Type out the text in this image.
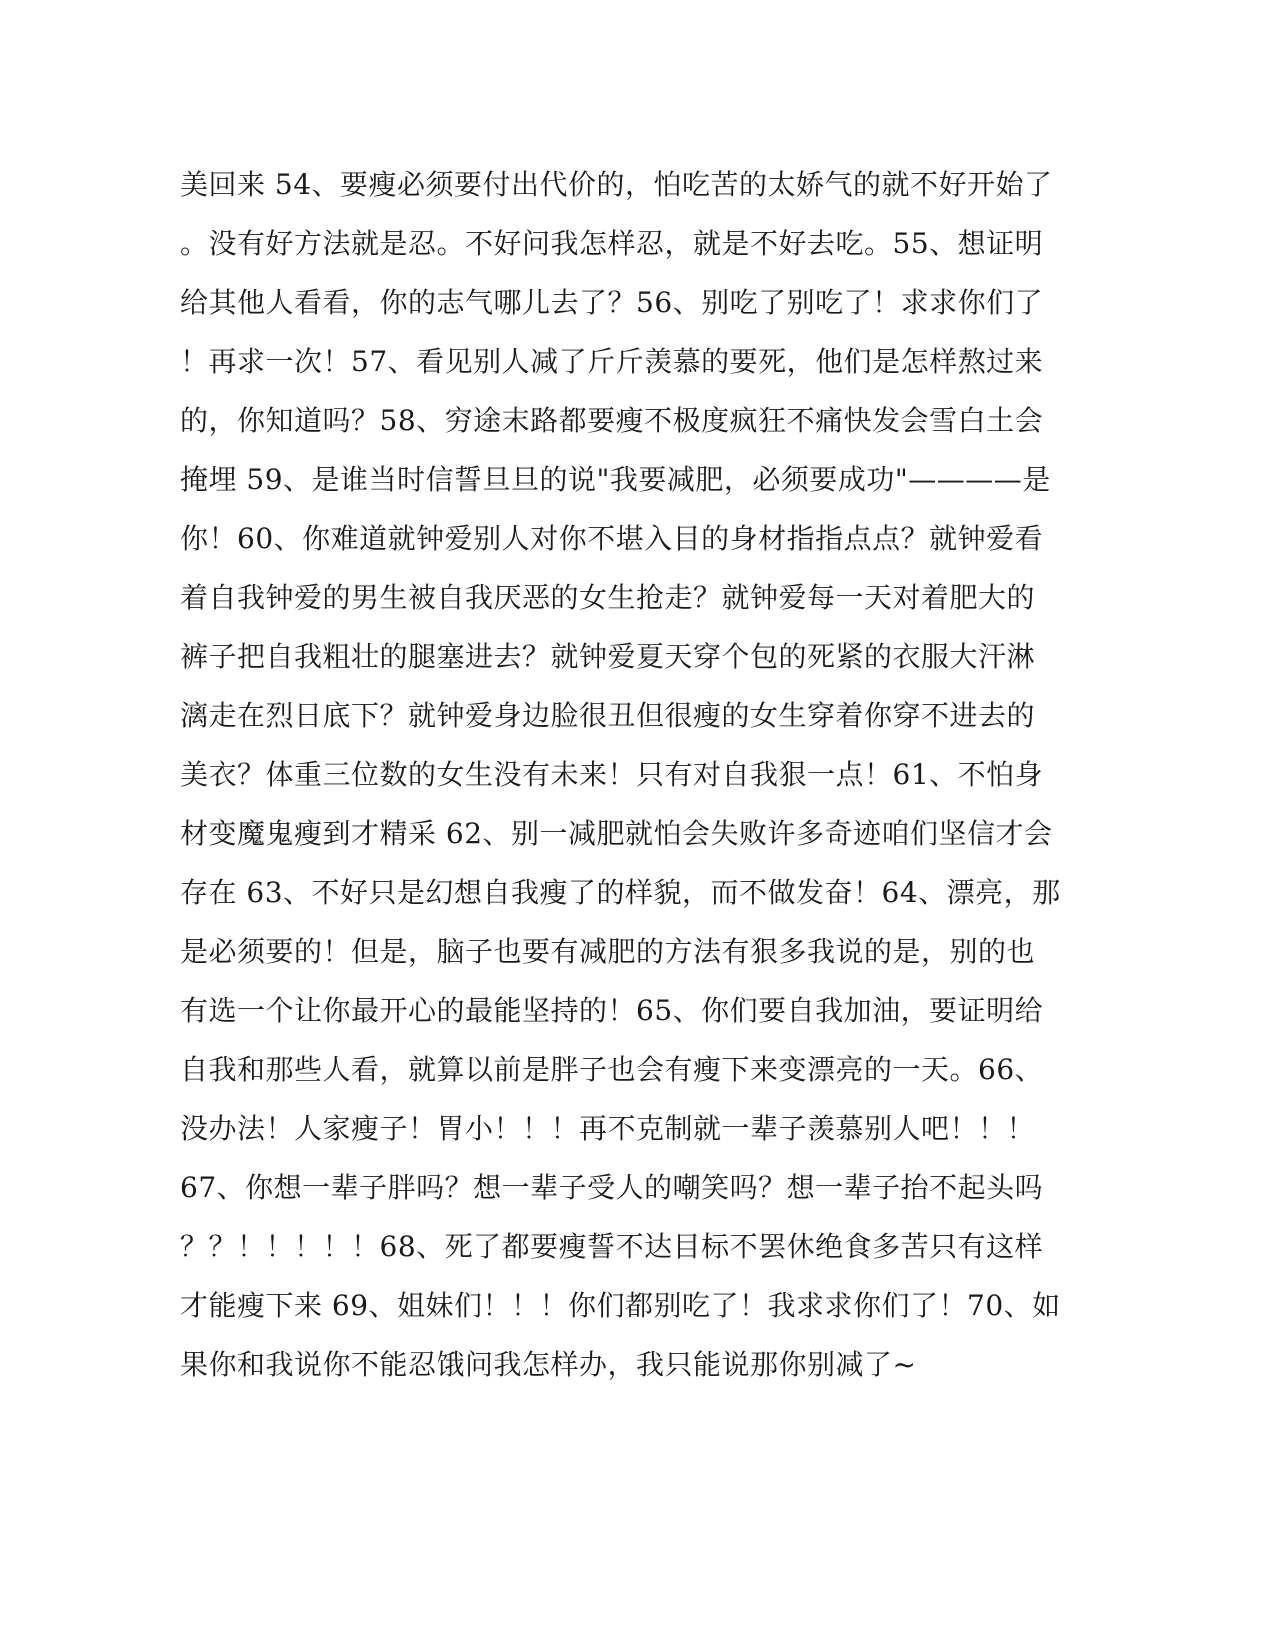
美回来 54、要瘦必须要付出代价的，怕吃苦的太娇气的就不好开始了
。没有好方法就是忍。不好问我怎样忍，就是不好去吃。55、想证明
给其他人看看，你的志气哪儿去了？56、别吃了别吃了！求求你们了
！再求一次！57、看见别人减了斤斤羡慕的要死，他们是怎样熬过来
的，你知道吗？58、穷途末路都要瘦不极度疯狂不痛快发会雪白土会
掩埋 59、是谁当时信誓旦旦的说"我要减肥，必须要成功"————是
你！60、你难道就钟爱别人对你不堪入目的身材指指点点？就钟爱看
着自我钟爱的男生被自我厌恶的女生抢走？就钟爱每一天对着肥大的
裤子把自我粗壮的腿塞进去？就钟爱夏天穿个包的死紧的衣服大汗淋
漓走在烈日底下？就钟爱身边脸很丑但很瘦的女生穿着你穿不进去的
美衣？体重三位数的女生没有未来！只有对自我狠一点！61、不怕身
材变魔鬼瘦到才精采 62、别一减肥就怕会失败许多奇迹咱们坚信才会
存在 63、不好只是幻想自我瘦了的样貌，而不做发奋！64、漂亮，那
是必须要的！但是，脑子也要有减肥的方法有狠多我说的是，别的也
有选一个让你最开心的最能坚持的！65、你们要自我加油，要证明给
自我和那些人看，就算以前是胖子也会有瘦下来变漂亮的一天。66、
没办法！人家瘦子！胃小！！！再不克制就一辈子羡慕别人吧！！！
67、你想一辈子胖吗？想一辈子受人的嘲笑吗？想一辈子抬不起头吗
？？！！！！！68、死了都要瘦誓不达目标不罢休绝食多苦只有这样
才能瘦下来 69、姐妹们！！！你们都别吃了！我求求你们了！70、如
果你和我说你不能忍饿问我怎样办，我只能说那你别减了~
